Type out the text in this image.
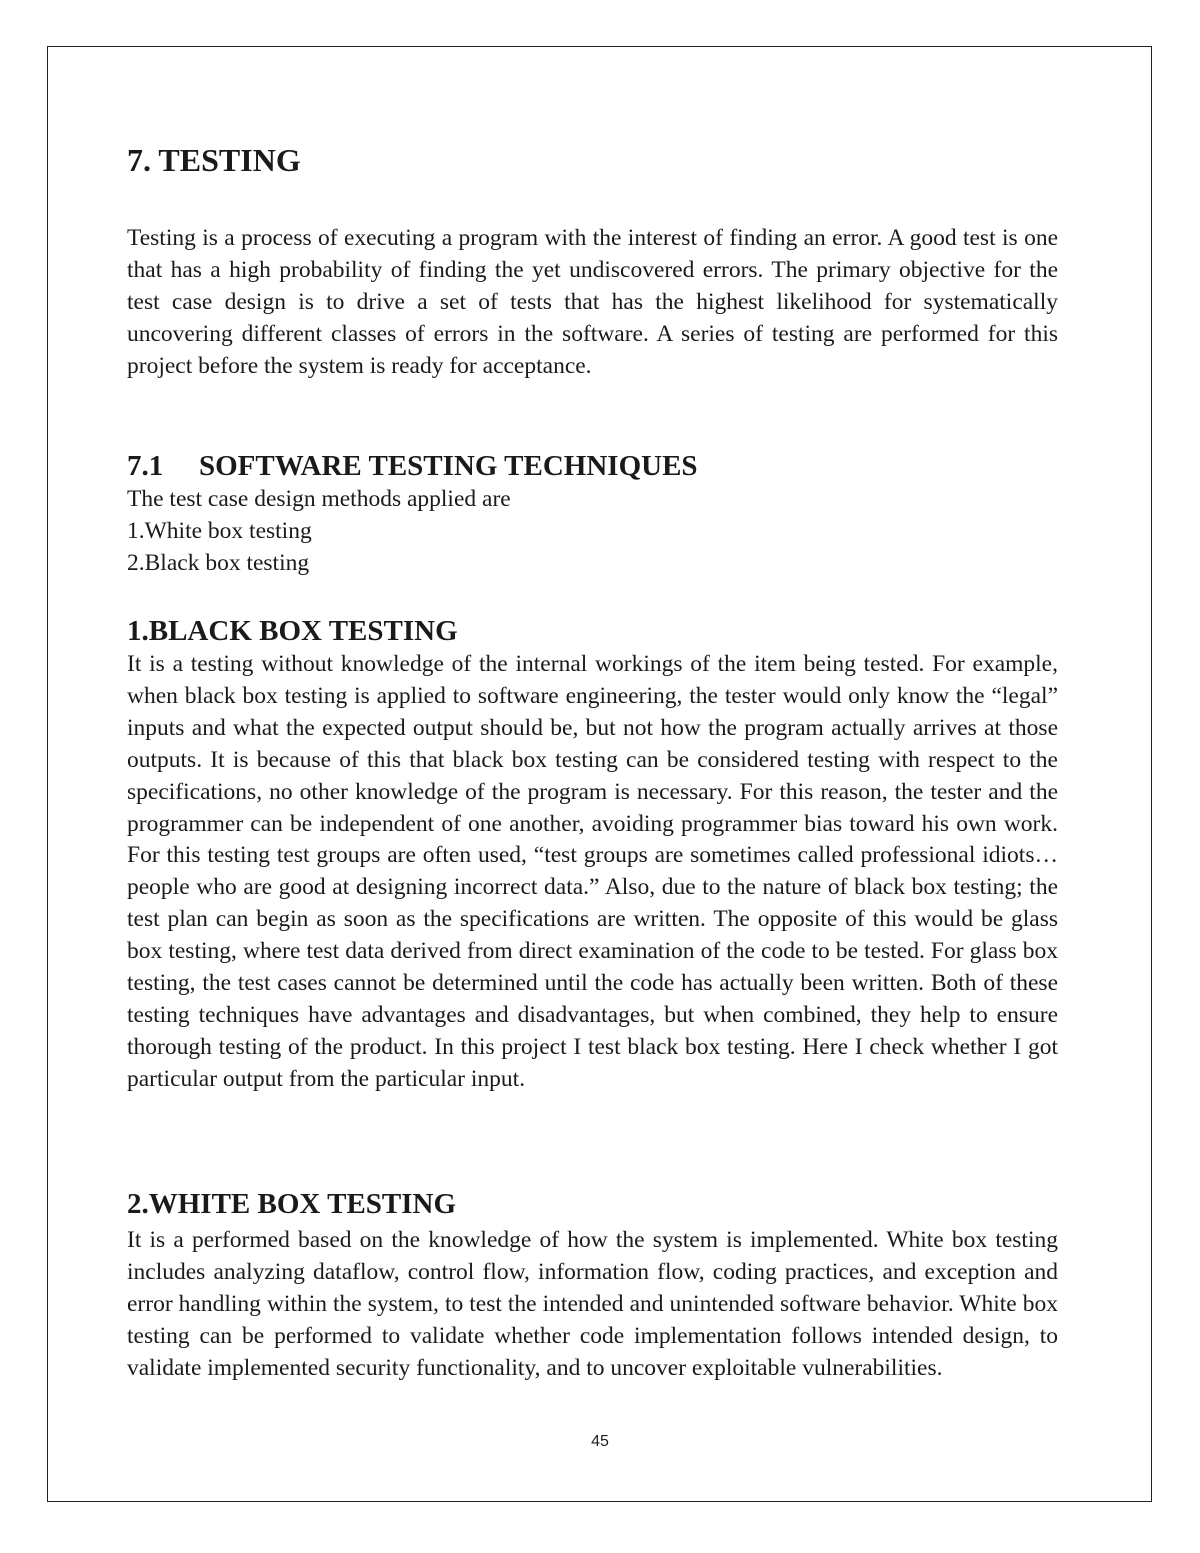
7. TESTING

Testing is a process of executing a program with the interest of finding an error. A good test is one that has a high probability of finding the yet undiscovered errors. The primary objective for the test case design is to drive a set of tests that has the highest likelihood for systematically uncovering different classes of errors in the software. A series of testing are performed for this project before the system is ready for acceptance.

7.1 SOFTWARE TESTING TECHNIQUES

The test case design methods applied are

1.White box testing

2.Black box testing

1.BLACK BOX TESTING

It is a testing without knowledge of the internal workings of the item being tested. For example, when black box testing is applied to software engineering, the tester would only know the “legal” inputs and what the expected output should be, but not how the program actually arrives at those outputs. It is because of this that black box testing can be considered testing with respect to the specifications, no other knowledge of the program is necessary. For this reason, the tester and the programmer can be independent of one another, avoiding programmer bias toward his own work. For this testing test groups are often used, “test groups are sometimes called professional idiots… people who are good at designing incorrect data.” Also, due to the nature of black box testing; the test plan can begin as soon as the specifications are written. The opposite of this would be glass box testing, where test data derived from direct examination of the code to be tested. For glass box testing, the test cases cannot be determined until the code has actually been written. Both of these testing techniques have advantages and disadvantages, but when combined, they help to ensure thorough testing of the product. In this project I test black box testing. Here I check whether I got particular output from the particular input.

2.WHITE BOX TESTING

It is a performed based on the knowledge of how the system is implemented. White box testing includes analyzing dataflow, control flow, information flow, coding practices, and exception and error handling within the system, to test the intended and unintended software behavior. White box testing can be performed to validate whether code implementation follows intended design, to validate implemented security functionality, and to uncover exploitable vulnerabilities.

45
